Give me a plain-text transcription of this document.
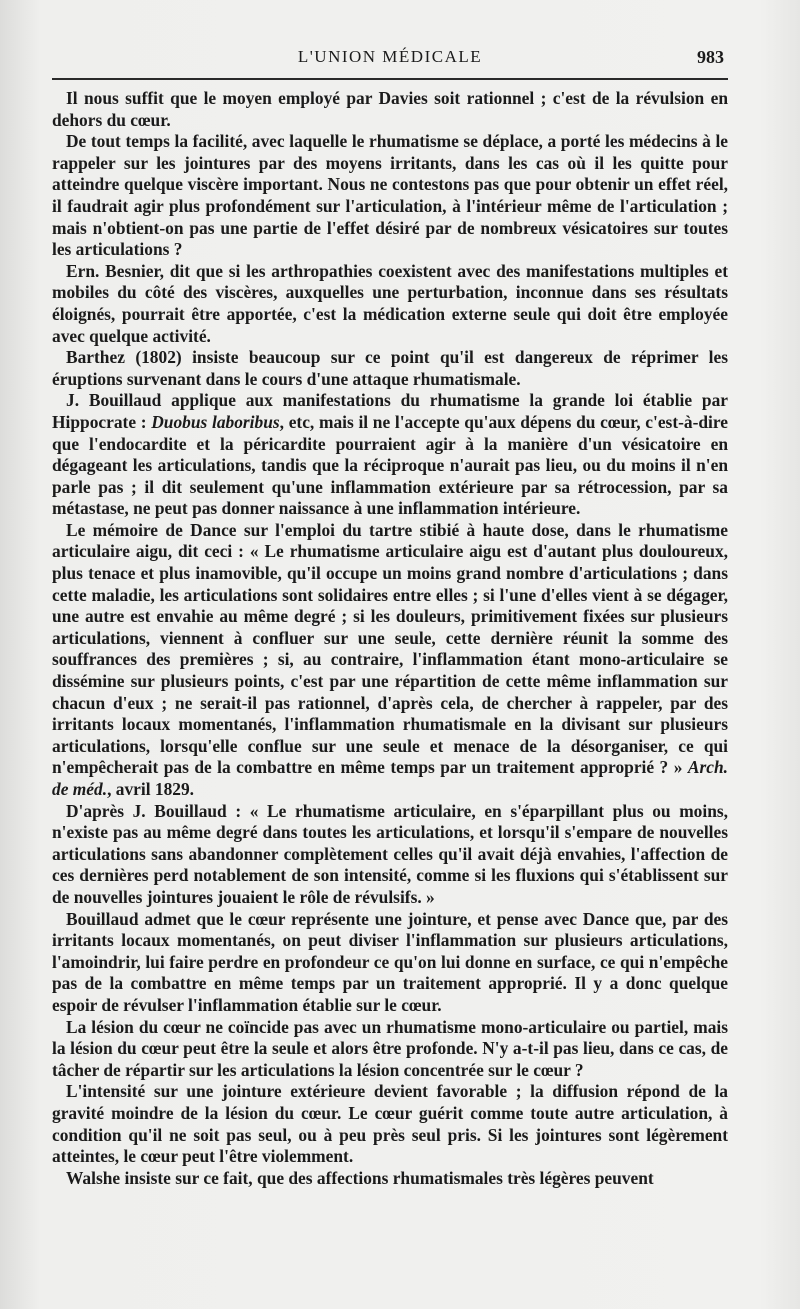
L'UNION MÉDICALE	983

Il nous suffit que le moyen employé par Davies soit rationnel ; c'est de la révulsion en dehors du cœur.

De tout temps la facilité, avec laquelle le rhumatisme se déplace, a porté les médecins à le rappeler sur les jointures par des moyens irritants, dans les cas où il les quitte pour atteindre quelque viscère important. Nous ne contestons pas que pour obtenir un effet réel, il faudrait agir plus profondément sur l'articulation, à l'intérieur même de l'articulation ; mais n'obtient-on pas une partie de l'effet désiré par de nombreux vésicatoires sur toutes les articulations ?

Ern. Besnier, dit que si les arthropathies coexistent avec des manifestations multiples et mobiles du côté des viscères, auxquelles une perturbation, inconnue dans ses résultats éloignés, pourrait être apportée, c'est la médication externe seule qui doit être employée avec quelque activité.

Barthez (1802) insiste beaucoup sur ce point qu'il est dangereux de réprimer les éruptions survenant dans le cours d'une attaque rhumatismale.

J. Bouillaud applique aux manifestations du rhumatisme la grande loi établie par Hippocrate : Duobus laboribus, etc, mais il ne l'accepte qu'aux dépens du cœur, c'est-à-dire que l'endocardite et la péricardite pourraient agir à la manière d'un vésicatoire en dégageant les articulations, tandis que la réciproque n'aurait pas lieu, ou du moins il n'en parle pas ; il dit seulement qu'une inflammation extérieure par sa rétrocession, par sa métastase, ne peut pas donner naissance à une inflammation intérieure.

Le mémoire de Dance sur l'emploi du tartre stibié à haute dose, dans le rhumatisme articulaire aigu, dit ceci : « Le rhumatisme articulaire aigu est d'autant plus douloureux, plus tenace et plus inamovible, qu'il occupe un moins grand nombre d'articulations ; dans cette maladie, les articulations sont solidaires entre elles ; si l'une d'elles vient à se dégager, une autre est envahie au même degré ; si les douleurs, primitivement fixées sur plusieurs articulations, viennent à confluer sur une seule, cette dernière réunit la somme des souffrances des premières ; si, au contraire, l'inflammation étant mono-articulaire se dissémine sur plusieurs points, c'est par une répartition de cette même inflammation sur chacun d'eux ; ne serait-il pas rationnel, d'après cela, de chercher à rappeler, par des irritants locaux momentanés, l'inflammation rhumatismale en la divisant sur plusieurs articulations, lorsqu'elle conflue sur une seule et menace de la désorganiser, ce qui n'empêcherait pas de la combattre en même temps par un traitement approprié ? » Arch. de méd., avril 1829.

D'après J. Bouillaud : « Le rhumatisme articulaire, en s'éparpillant plus ou moins, n'existe pas au même degré dans toutes les articulations, et lorsqu'il s'empare de nouvelles articulations sans abandonner complètement celles qu'il avait déjà envahies, l'affection de ces dernières perd notablement de son intensité, comme si les fluxions qui s'établissent sur de nouvelles jointures jouaient le rôle de révulsifs. »

Bouillaud admet que le cœur représente une jointure, et pense avec Dance que, par des irritants locaux momentanés, on peut diviser l'inflammation sur plusieurs articulations, l'amoindrir, lui faire perdre en profondeur ce qu'on lui donne en surface, ce qui n'empêche pas de la combattre en même temps par un traitement approprié. Il y a donc quelque espoir de révulser l'inflammation établie sur le cœur.

La lésion du cœur ne coïncide pas avec un rhumatisme mono-articulaire ou partiel, mais la lésion du cœur peut être la seule et alors être profonde. N'y a-t-il pas lieu, dans ce cas, de tâcher de répartir sur les articulations la lésion concentrée sur le cœur ?

L'intensité sur une jointure extérieure devient favorable ; la diffusion répond de la gravité moindre de la lésion du cœur. Le cœur guérit comme toute autre articulation, à condition qu'il ne soit pas seul, ou à peu près seul pris. Si les jointures sont légèrement atteintes, le cœur peut l'être violemment.

Walshe insiste sur ce fait, que des affections rhumatismales très légères peuvent
